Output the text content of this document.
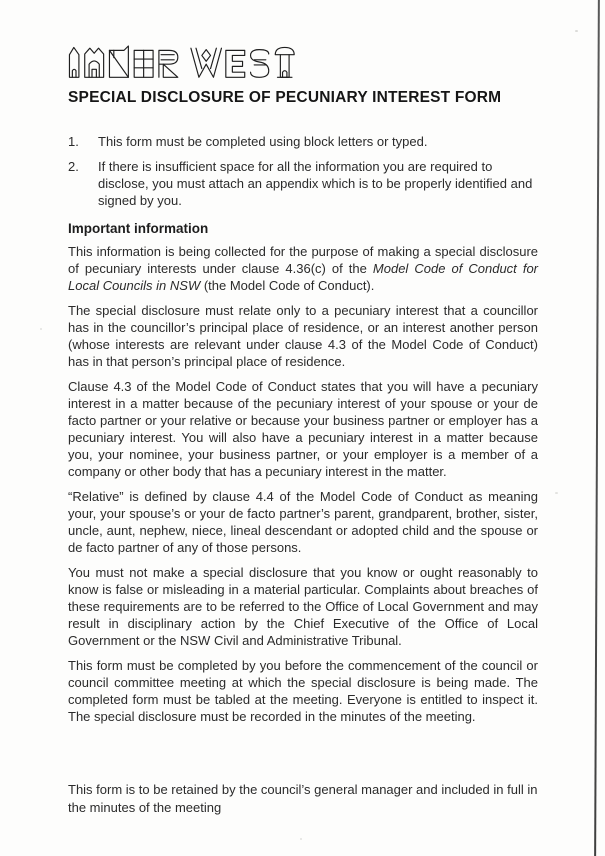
SPECIAL DISCLOSURE OF PECUNIARY INTEREST FORM
1.	This form must be completed using block letters or typed.
2.	If there is insufficient space for all the information you are required to disclose, you must attach an appendix which is to be properly identified and signed by you.
Important information

This information is being collected for the purpose of making a special disclosure of pecuniary interests under clause 4.36(c) of the Model Code of Conduct for Local Councils in NSW (the Model Code of Conduct).

The special disclosure must relate only to a pecuniary interest that a councillor has in the councillor’s principal place of residence, or an interest another person (whose interests are relevant under clause 4.3 of the Model Code of Conduct) has in that person’s principal place of residence.

Clause 4.3 of the Model Code of Conduct states that you will have a pecuniary interest in a matter because of the pecuniary interest of your spouse or your de facto partner or your relative or because your business partner or employer has a pecuniary interest. You will also have a pecuniary interest in a matter because you, your nominee, your business partner, or your employer is a member of a company or other body that has a pecuniary interest in the matter.

“Relative” is defined by clause 4.4 of the Model Code of Conduct as meaning your, your spouse’s or your de facto partner’s parent, grandparent, brother, sister, uncle, aunt, nephew, niece, lineal descendant or adopted child and the spouse or de facto partner of any of those persons.

You must not make a special disclosure that you know or ought reasonably to know is false or misleading in a material particular. Complaints about breaches of these requirements are to be referred to the Office of Local Government and may result in disciplinary action by the Chief Executive of the Office of Local Government or the NSW Civil and Administrative Tribunal.

This form must be completed by you before the commencement of the council or council committee meeting at which the special disclosure is being made. The completed form must be tabled at the meeting. Everyone is entitled to inspect it. The special disclosure must be recorded in the minutes of the meeting.

This form is to be retained by the council’s general manager and included in full in the minutes of the meeting
